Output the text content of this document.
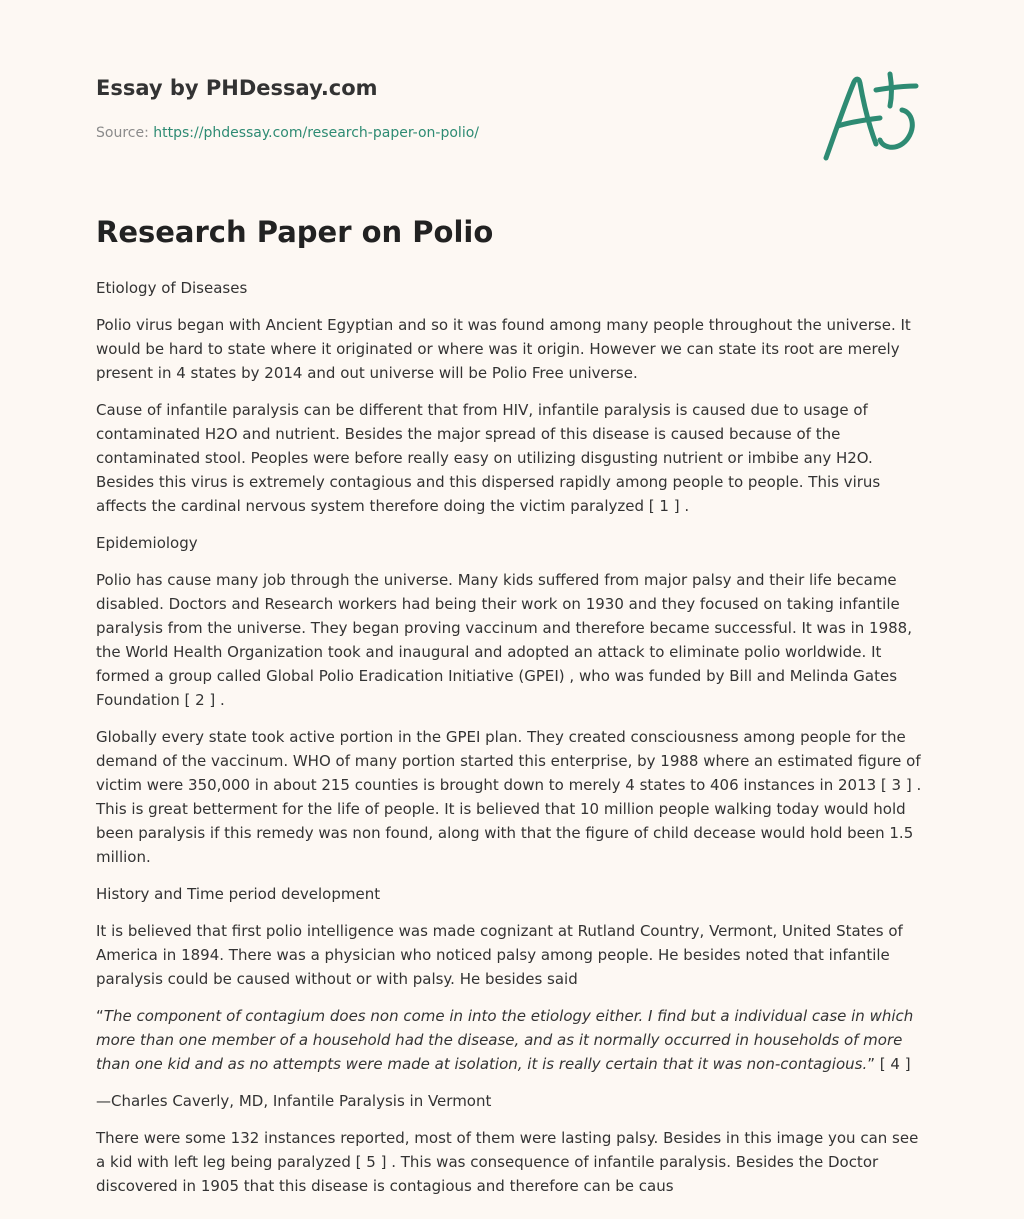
Essay by PHDessay.com
Source: https://phdessay.com/research-paper-on-polio/
Research Paper on Polio

Etiology of Diseases

Polio virus began with Ancient Egyptian and so it was found among many people throughout the universe. It would be hard to state where it originated or where was it origin. However we can state its root are merely present in 4 states by 2014 and out universe will be Polio Free universe.

Cause of infantile paralysis can be different that from HIV, infantile paralysis is caused due to usage of contaminated H2O and nutrient. Besides the major spread of this disease is caused because of the contaminated stool. Peoples were before really easy on utilizing disgusting nutrient or imbibe any H2O. Besides this virus is extremely contagious and this dispersed rapidly among people to people. This virus affects the cardinal nervous system therefore doing the victim paralyzed [ 1 ] .

Epidemiology

Polio has cause many job through the universe. Many kids suffered from major palsy and their life became disabled. Doctors and Research workers had being their work on 1930 and they focused on taking infantile paralysis from the universe. They began proving vaccinum and therefore became successful. It was in 1988, the World Health Organization took and inaugural and adopted an attack to eliminate polio worldwide. It formed a group called Global Polio Eradication Initiative (GPEI) , who was funded by Bill and Melinda Gates Foundation [ 2 ] .

Globally every state took active portion in the GPEI plan. They created consciousness among people for the demand of the vaccinum. WHO of many portion started this enterprise, by 1988 where an estimated figure of victim were 350,000 in about 215 counties is brought down to merely 4 states to 406 instances in 2013 [ 3 ] . This is great betterment for the life of people. It is believed that 10 million people walking today would hold been paralysis if this remedy was non found, along with that the figure of child decease would hold been 1.5 million.

History and Time period development

It is believed that first polio intelligence was made cognizant at Rutland Country, Vermont, United States of America in 1894. There was a physician who noticed palsy among people. He besides noted that infantile paralysis could be caused without or with palsy. He besides said

“The component of contagium does non come in into the etiology either. I find but a individual case in which more than one member of a household had the disease, and as it normally occurred in households of more than one kid and as no attempts were made at isolation, it is really certain that it was non-contagious.” [ 4 ]

—Charles Caverly, MD, Infantile Paralysis in Vermont

There were some 132 instances reported, most of them were lasting palsy. Besides in this image you can see a kid with left leg being paralyzed [ 5 ] . This was consequence of infantile paralysis. Besides the Doctor discovered in 1905 that this disease is contagious and therefore can be caus
